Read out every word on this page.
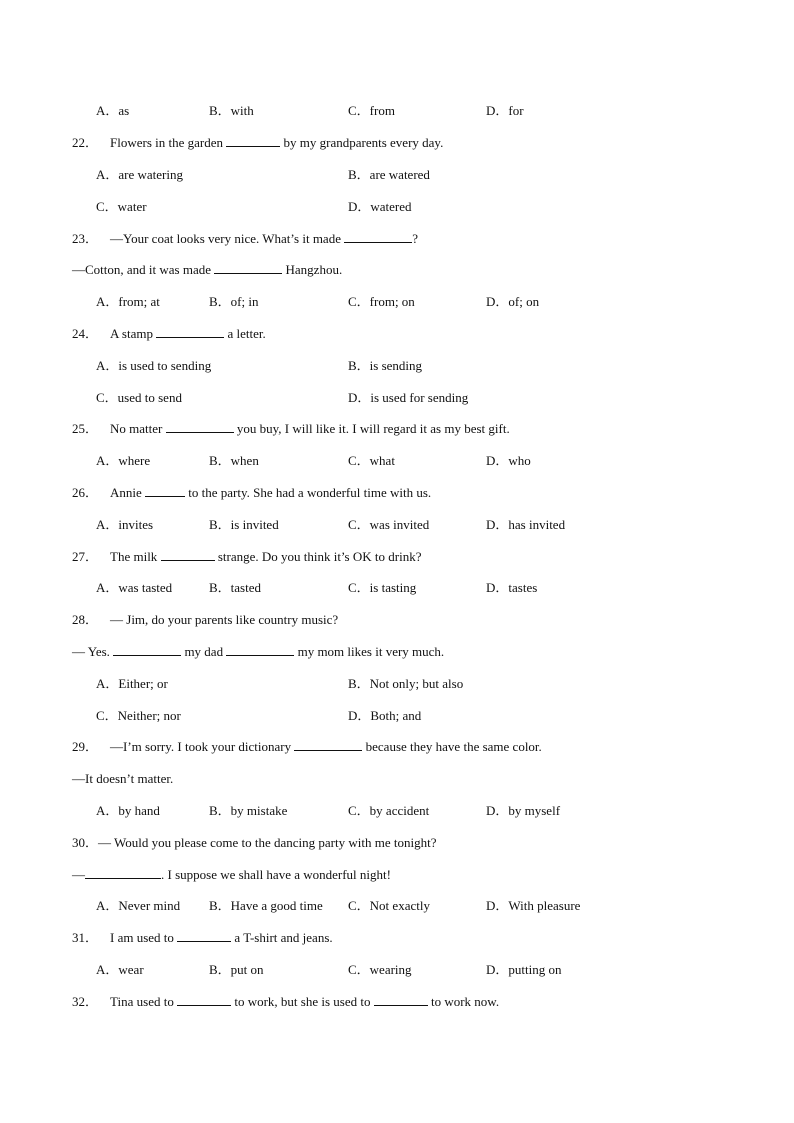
A．as	B．with	C．from	D．for
22． Flowers in the garden	by my grandparents every day.
A．are watering	B．are watered
C．water	D．watered
23． —Your coat looks very nice. What’s it made	?
—Cotton, and it was made	Hangzhou.
A．from; at	B．of; in	C．from; on	D．of; on
24． A stamp	a letter.
A．is used to sending	B．is sending
C．used to send	D．is used for sending
25． No matter	you buy, I will like it. I will regard it as my best gift.
A．where	B．when	C．what	D．who
26． Annie	to the party. She had a wonderful time with us.
A．invites	B．is invited	C．was invited	D．has invited
27． The milk	strange. Do you think it’s OK to drink?
A．was tasted	B．tasted	C．is tasting	D．tastes
28． — Jim, do your parents like country music?
— Yes.	my dad	my mom likes it very much.
A．Either; or	B．Not only; but also
C．Neither; nor	D．Both; and
29． —I’m sorry. I took your dictionary	because they have the same color.
—It doesn’t matter.
A．by hand	B．by mistake	C．by accident	D．by myself
30．— Would you please come to the dancing party with me tonight?
—	. I suppose we shall have a wonderful night!
A．Never mind B．Have a good time C．Not exactly	D．With pleasure
31． I am used to	a T-shirt and jeans.
A．wear	B．put on	C．wearing	D．putting on
32． Tina used to	to work, but she is used to	to work now.
